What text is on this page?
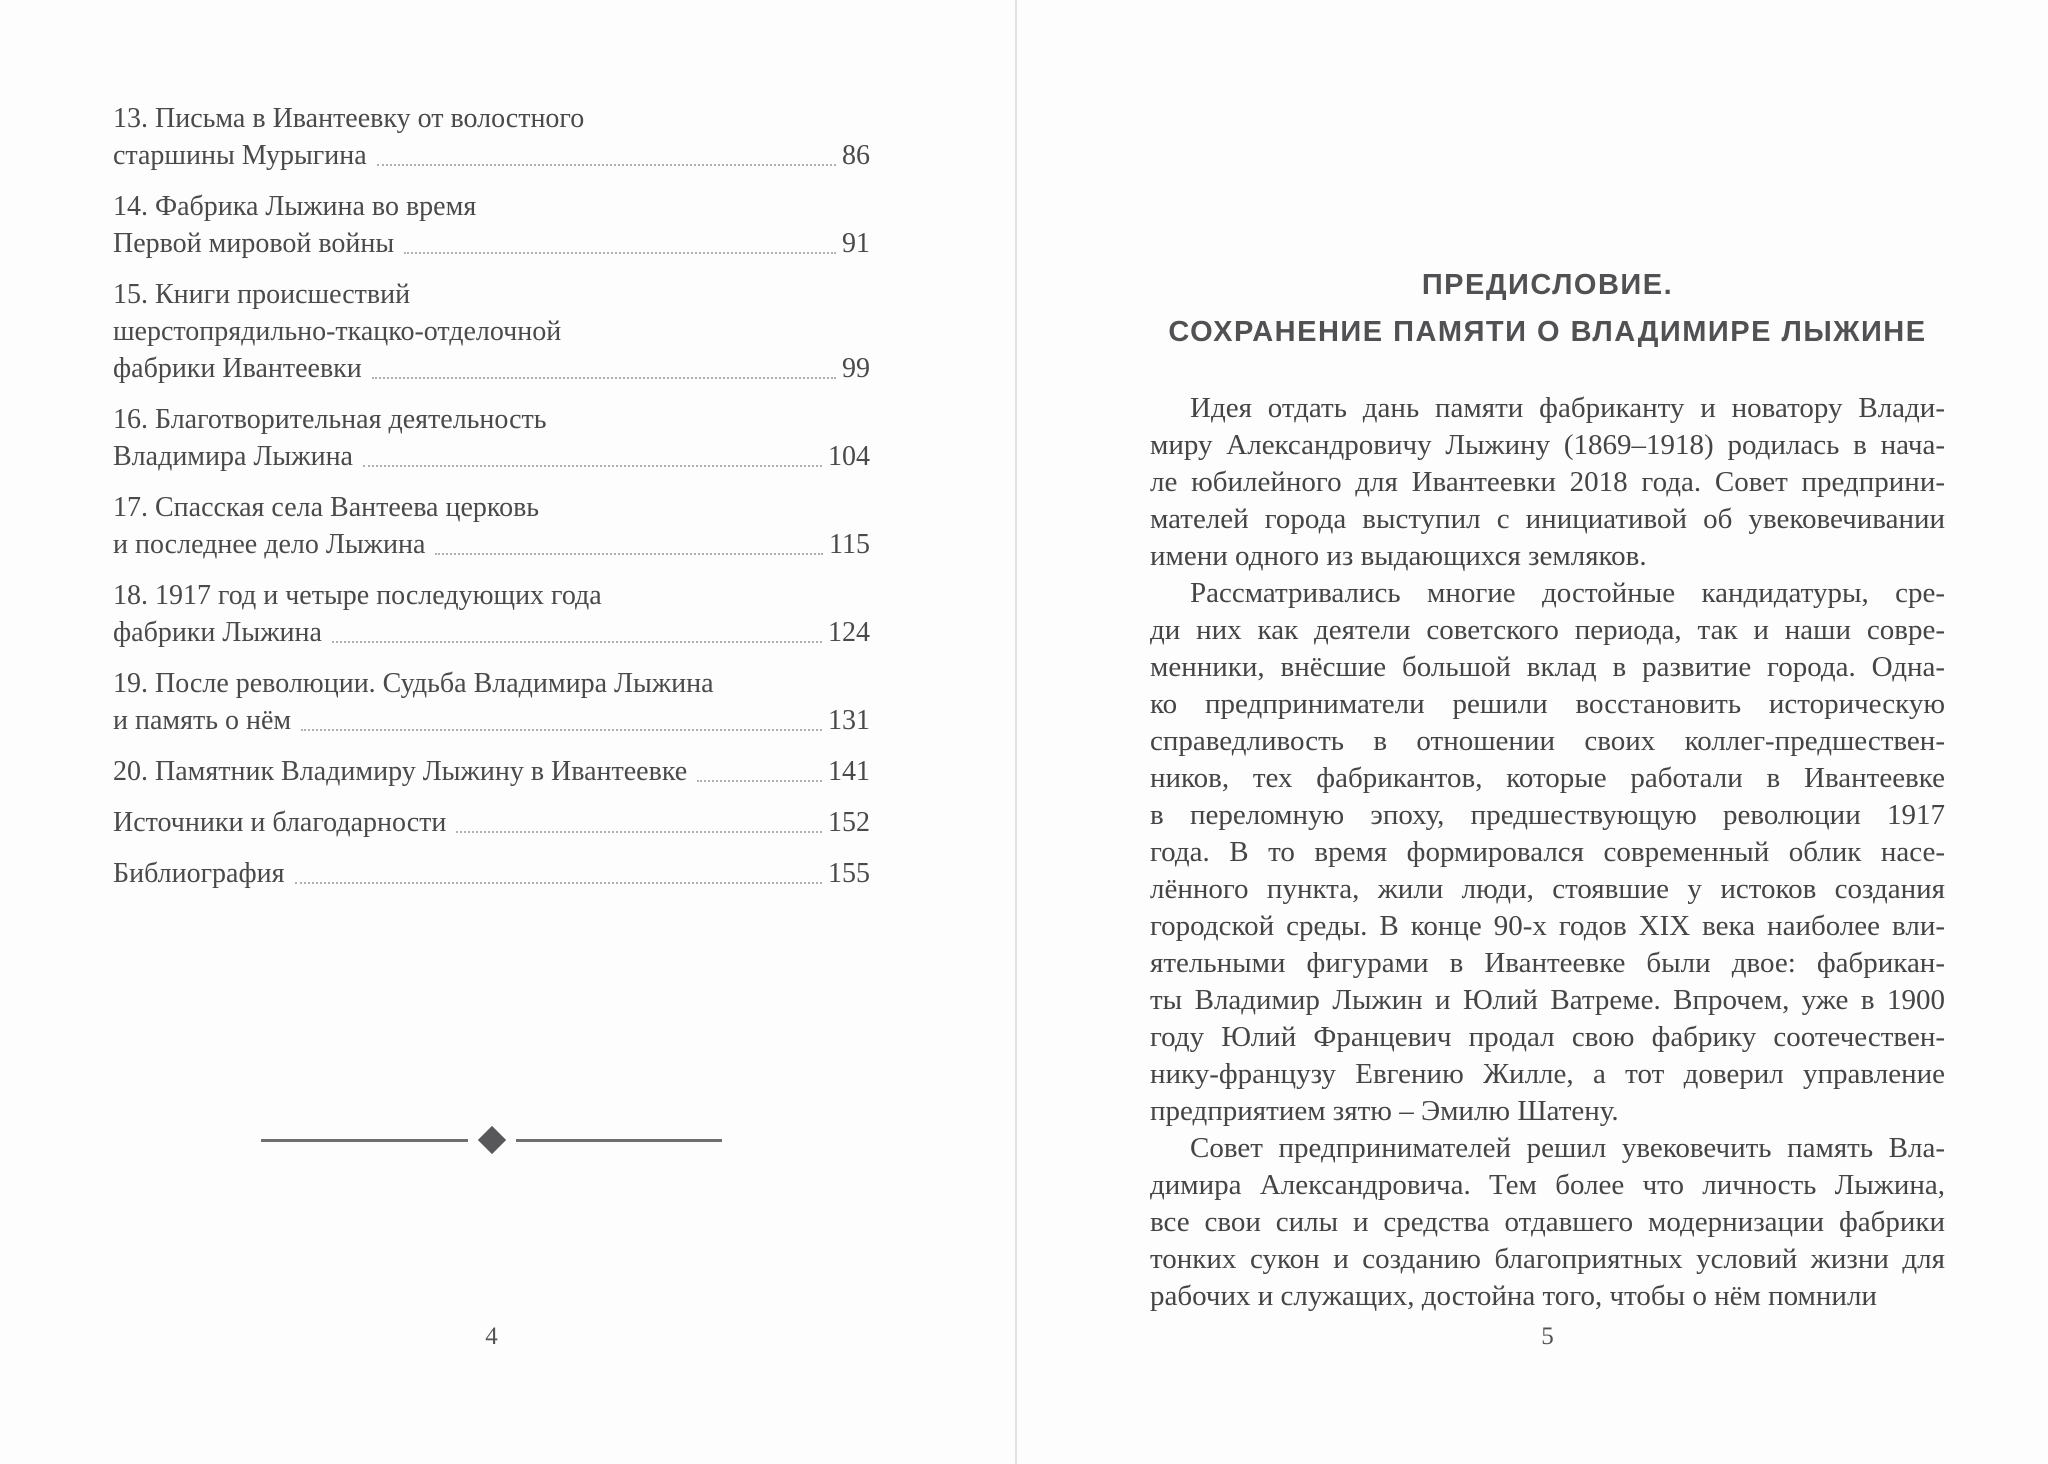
13. Письма в Ивантеевку от волостного
старшины Мурыгина	86
14. Фабрика Лыжина во время
Первой мировой войны	91
15. Книги происшествий
шерстопрядильно-ткацко-отделочной
фабрики Ивантеевки	99
16. Благотворительная деятельность
Владимира Лыжина	104
17. Спасская села Вантеева церковь
и последнее дело Лыжина	115
18. 1917 год и четыре последующих года
фабрики Лыжина	124
19. После революции. Судьба Владимира Лыжина
и память о нём	131
20. Памятник Владимиру Лыжину в Ивантеевке	141
Источники и благодарности	152
Библиография	155
4
ПРЕДИСЛОВИЕ.
СОХРАНЕНИЕ ПАМЯТИ О ВЛАДИМИРЕ ЛЫЖИНЕ

Идея отдать дань памяти фабриканту и новатору Влади-
миру Александровичу Лыжину (1869–1918) родилась в нача-
ле юбилейного для Ивантеевки 2018 года. Совет предприни-
мателей города выступил с инициативой об увековечивании
имени одного из выдающихся земляков.

Рассматривались многие достойные кандидатуры, сре-
ди них как деятели советского периода, так и наши совре-
менники, внёсшие большой вклад в развитие города. Одна-
ко предприниматели решили восстановить историческую
справедливость в отношении своих коллег-предшествен-
ников, тех фабрикантов, которые работали в Ивантеевке
в переломную эпоху, предшествующую революции 1917
года. В то время формировался современный облик насе-
лённого пункта, жили люди, стоявшие у истоков создания
городской среды. В конце 90-х годов XIX века наиболее вли-
ятельными фигурами в Ивантеевке были двое: фабрикан-
ты Владимир Лыжин и Юлий Ватреме. Впрочем, уже в 1900
году Юлий Францевич продал свою фабрику соотечествен-
нику-французу Евгению Жилле, а тот доверил управление
предприятием зятю – Эмилю Шатену.

Совет предпринимателей решил увековечить память Вла-
димира Александровича. Тем более что личность Лыжина,
все свои силы и средства отдавшего модернизации фабрики
тонких сукон и созданию благоприятных условий жизни для
рабочих и служащих, достойна того, чтобы о нём помнили

5
